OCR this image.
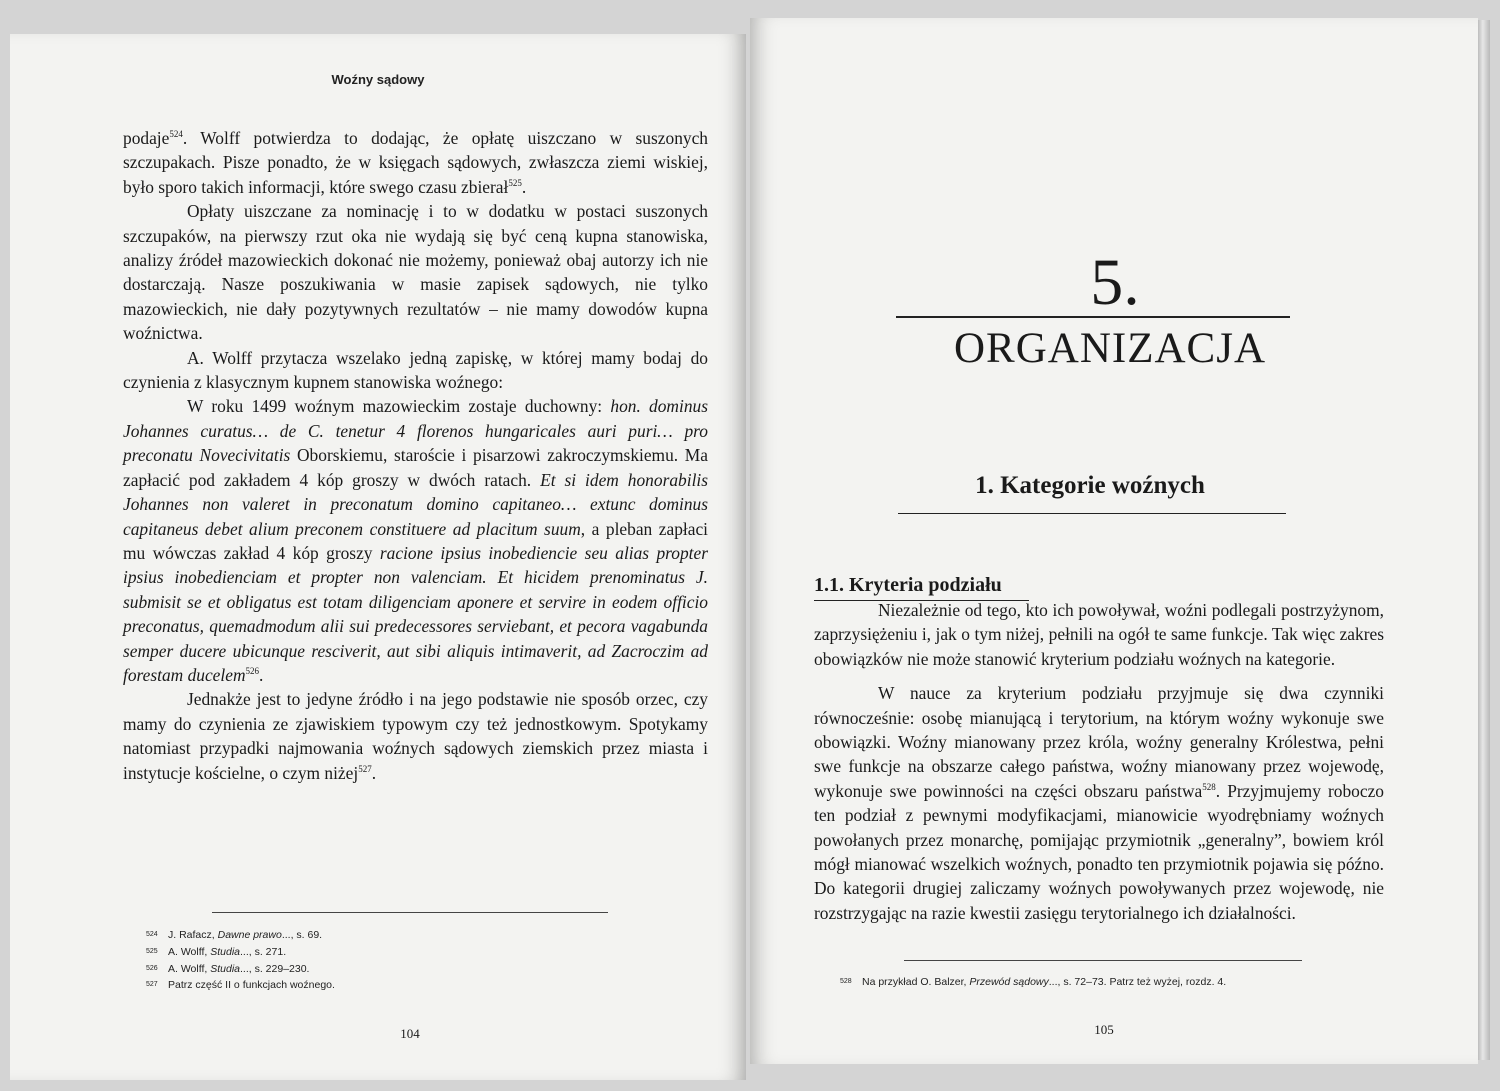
Woźny sądowy

podaje$^{524}$. Wolff potwierdza to dodając, że opłatę uiszczano w suszonych szczupakach. Pisze ponadto, że w księgach sądowych, zwłaszcza ziemi wiskiej, było sporo takich informacji, które swego czasu zbierał$^{525}$.

Opłaty uiszczane za nominację i to w dodatku w postaci suszonych szczupaków, na pierwszy rzut oka nie wydają się być ceną kupna stanowiska, analizy źródeł mazowieckich dokonać nie możemy, ponieważ obaj autorzy ich nie dostarczają. Nasze poszukiwania w masie zapisek sądowych, nie tylko mazowieckich, nie dały pozytywnych rezultatów – nie mamy dowodów kupna woźnictwa.

A. Wolff przytacza wszelako jedną zapiskę, w której mamy bodaj do czynienia z klasycznym kupnem stanowiska woźnego:

W roku 1499 woźnym mazowieckim zostaje duchowny: hon. dominus Johannes curatus… de C. tenetur 4 florenos hungaricales auri puri… pro preconatu Novecivitatis Oborskiemu, staroście i pisarzowi zakroczymskiemu. Ma zapłacić pod zakładem 4 kóp groszy w dwóch ratach. Et si idem honorabilis Johannes non valeret in preconatum domino capitaneo… extunc dominus capitaneus debet alium preconem constituere ad placitum suum, a pleban zapłaci mu wówczas zakład 4 kóp groszy racione ipsius inobediencie seu alias propter ipsius inobedienciam et propter non valenciam. Et hicidem prenominatus J. submisit se et obligatus est totam diligenciam aponere et servire in eodem officio preconatus, quemadmodum alii sui predecessores serviebant, et pecora vagabunda semper ducere ubicunque resciverit, aut sibi aliquis intimaverit, ad Zacroczim ad forestam ducelem$^{526}$.

Jednakże jest to jedyne źródło i na jego podstawie nie sposób orzec, czy mamy do czynienia ze zjawiskiem typowym czy też jednostkowym. Spotykamy natomiast przypadki najmowania woźnych sądowych ziemskich przez miasta i instytucje kościelne, o czym niżej$^{527}$.

524 J. Rafacz, Dawne prawo..., s. 69.
525 A. Wolff, Studia..., s. 271.
526 A. Wolff, Studia..., s. 229–230.
527 Patrz część II o funkcjach woźnego.
104
5.
ORGANIZACJA
1. Kategorie woźnych
1.1. Kryteria podziału

Niezależnie od tego, kto ich powoływał, woźni podlegali postrzyżynom, zaprzysiężeniu i, jak o tym niżej, pełnili na ogół te same funkcje. Tak więc zakres obowiązków nie może stanowić kryterium podziału woźnych na kategorie.

W nauce za kryterium podziału przyjmuje się dwa czynniki równocześnie: osobę mianującą i terytorium, na którym woźny wykonuje swe obowiązki. Woźny mianowany przez króla, woźny generalny Królestwa, pełni swe funkcje na obszarze całego państwa, woźny mianowany przez wojewodę, wykonuje swe powinności na części obszaru państwa$^{528}$. Przyjmujemy roboczo ten podział z pewnymi modyfikacjami, mianowicie wyodrębniamy woźnych powołanych przez monarchę, pomijając przymiotnik „generalny”, bowiem król mógł mianować wszelkich woźnych, ponadto ten przymiotnik pojawia się późno. Do kategorii drugiej zaliczamy woźnych powoływanych przez wojewodę, nie rozstrzygając na razie kwestii zasięgu terytorialnego ich działalności.

528 Na przykład O. Balzer, Przewód sądowy..., s. 72–73. Patrz też wyżej, rozdz. 4.
105
